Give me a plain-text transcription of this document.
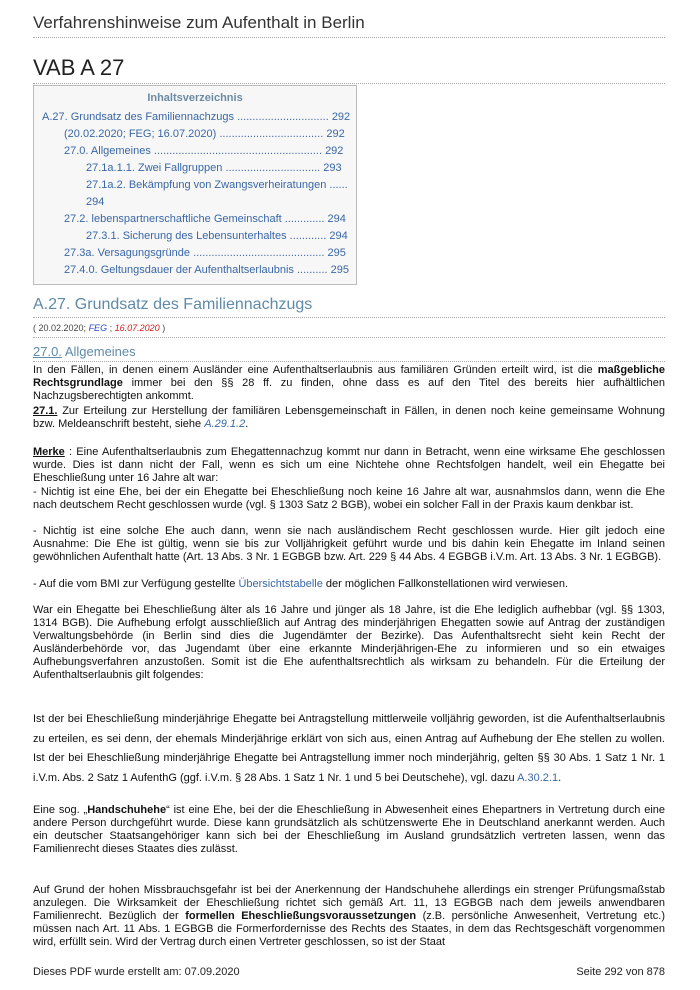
Verfahrenshinweise zum Aufenthalt in Berlin
VAB A 27
Inhaltsverzeichnis
A.27. Grundsatz des Familiennachzugs .............................. 292
(20.02.2020; FEG; 16.07.2020) .................................. 292
27.0. Allgemeines ....................................................... 292
27.1a.1.1. Zwei Fallgruppen ............................... 293
27.1a.2. Bekämpfung von Zwangsverheiratungen ......
294
27.2. lebenspartnerschaftliche Gemeinschaft ............. 294
27.3.1. Sicherung des Lebensunterhaltes ............ 294
27.3a. Versagungsgründe ........................................... 295
27.4.0. Geltungsdauer der Aufenthaltserlaubnis .......... 295
A.27. Grundsatz des Familiennachzugs
( 20.02.2020; FEG ; 16.07.2020 )
27.0. Allgemeines
In den Fällen, in denen einem Ausländer eine Aufenthaltserlaubnis aus familiären Gründen erteilt wird, ist die maßgebliche Rechtsgrundlage immer bei den §§ 28 ff. zu finden, ohne dass es auf den Titel des bereits hier aufhältlichen Nachzugsberechtigten ankommt.
27.1. Zur Erteilung zur Herstellung der familiären Lebensgemeinschaft in Fällen, in denen noch keine gemeinsame Wohnung bzw. Meldeanschrift besteht, siehe A.29.1.2.
Merke : Eine Aufenthaltserlaubnis zum Ehegattennachzug kommt nur dann in Betracht, wenn eine wirksame Ehe geschlossen wurde. Dies ist dann nicht der Fall, wenn es sich um eine Nichtehe ohne Rechtsfolgen handelt, weil ein Ehegatte bei Eheschließung unter 16 Jahre alt war:
- Nichtig ist eine Ehe, bei der ein Ehegatte bei Eheschließung noch keine 16 Jahre alt war, ausnahmslos dann, wenn die Ehe nach deutschem Recht geschlossen wurde (vgl. § 1303 Satz 2 BGB), wobei ein solcher Fall in der Praxis kaum denkbar ist.
- Nichtig ist eine solche Ehe auch dann, wenn sie nach ausländischem Recht geschlossen wurde. Hier gilt jedoch eine Ausnahme: Die Ehe ist gültig, wenn sie bis zur Volljährigkeit geführt wurde und bis dahin kein Ehegatte im Inland seinen gewöhnlichen Aufenthalt hatte (Art. 13 Abs. 3 Nr. 1 EGBGB bzw. Art. 229 § 44 Abs. 4 EGBGB i.V.m. Art. 13 Abs. 3 Nr. 1 EGBGB).
- Auf die vom BMI zur Verfügung gestellte Übersichtstabelle der möglichen Fallkonstellationen wird verwiesen.
War ein Ehegatte bei Eheschließung älter als 16 Jahre und jünger als 18 Jahre, ist die Ehe lediglich aufhebbar (vgl. §§ 1303, 1314 BGB). Die Aufhebung erfolgt ausschließlich auf Antrag des minderjährigen Ehegatten sowie auf Antrag der zuständigen Verwaltungsbehörde (in Berlin sind dies die Jugendämter der Bezirke). Das Aufenthaltsrecht sieht kein Recht der Ausländerbehörde vor, das Jugendamt über eine erkannte Minderjährigen-Ehe zu informieren und so ein etwaiges Aufhebungsverfahren anzustoßen. Somit ist die Ehe aufenthaltsrechtlich als wirksam zu behandeln. Für die Erteilung der Aufenthaltserlaubnis gilt folgendes:
Ist der bei Eheschließung minderjährige Ehegatte bei Antragstellung mittlerweile volljährig geworden, ist die Aufenthaltserlaubnis zu erteilen, es sei denn, der ehemals Minderjährige erklärt von sich aus, einen Antrag auf Aufhebung der Ehe stellen zu wollen. Ist der bei Eheschließung minderjährige Ehegatte bei Antragstellung immer noch minderjährig, gelten §§ 30 Abs. 1 Satz 1 Nr. 1 i.V.m. Abs. 2 Satz 1 AufenthG (ggf. i.V.m. § 28 Abs. 1 Satz 1 Nr. 1 und 5 bei Deutschehe), vgl. dazu A.30.2.1.
Eine sog. „Handschuhehe“ ist eine Ehe, bei der die Eheschließung in Abwesenheit eines Ehepartners in Vertretung durch eine andere Person durchgeführt wurde. Diese kann grundsätzlich als schützenswerte Ehe in Deutschland anerkannt werden. Auch ein deutscher Staatsangehöriger kann sich bei der Eheschließung im Ausland grundsätzlich vertreten lassen, wenn das Familienrecht dieses Staates dies zulässt.
Auf Grund der hohen Missbrauchsgefahr ist bei der Anerkennung der Handschuhehe allerdings ein strenger Prüfungsmaßstab anzulegen. Die Wirksamkeit der Eheschließung richtet sich gemäß Art. 11, 13 EGBGB nach dem jeweils anwendbaren Familienrecht. Bezüglich der formellen Eheschließungsvoraussetzungen (z.B. persönliche Anwesenheit, Vertretung etc.) müssen nach Art. 11 Abs. 1 EGBGB die Formerfordernisse des Rechts des Staates, in dem das Rechtsgeschäft vorgenommen wird, erfüllt sein. Wird der Vertrag durch einen Vertreter geschlossen, so ist der Staat
Dieses PDF wurde erstellt am: 07.09.2020	Seite 292 von 878
